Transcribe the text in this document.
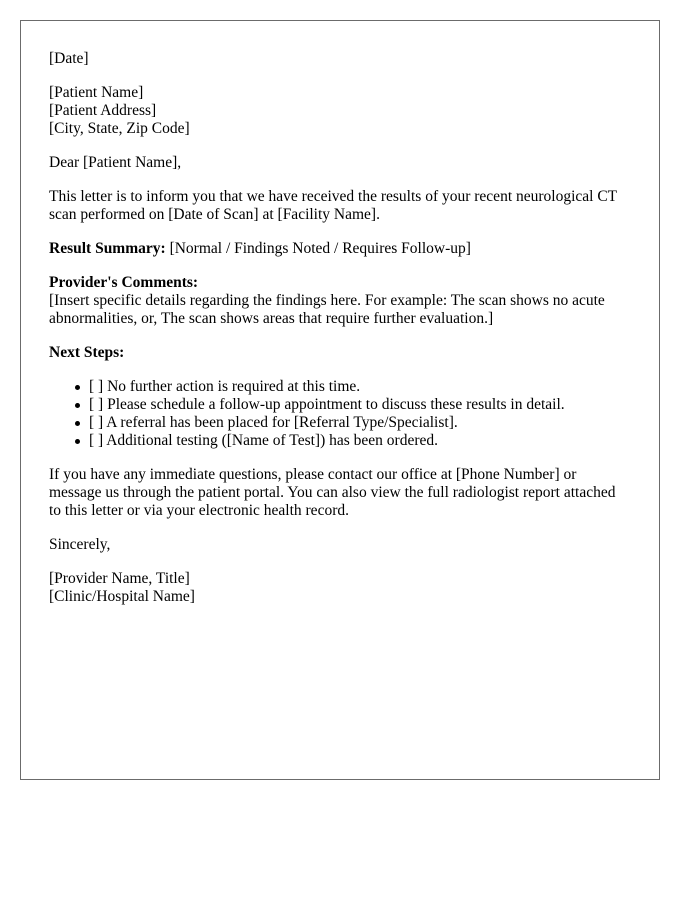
[Date]

[Patient Name]
[Patient Address]
[City, State, Zip Code]

Dear [Patient Name],

This letter is to inform you that we have received the results of your recent neurological CT scan performed on [Date of Scan] at [Facility Name].

Result Summary: [Normal / Findings Noted / Requires Follow-up]

Provider's Comments:
[Insert specific details regarding the findings here. For example: The scan shows no acute abnormalities, or, The scan shows areas that require further evaluation.]

Next Steps:

[ ] No further action is required at this time.
[ ] Please schedule a follow-up appointment to discuss these results in detail.
[ ] A referral has been placed for [Referral Type/Specialist].
[ ] Additional testing ([Name of Test]) has been ordered.

If you have any immediate questions, please contact our office at [Phone Number] or message us through the patient portal. You can also view the full radiologist report attached to this letter or via your electronic health record.

Sincerely,

[Provider Name, Title]
[Clinic/Hospital Name]
